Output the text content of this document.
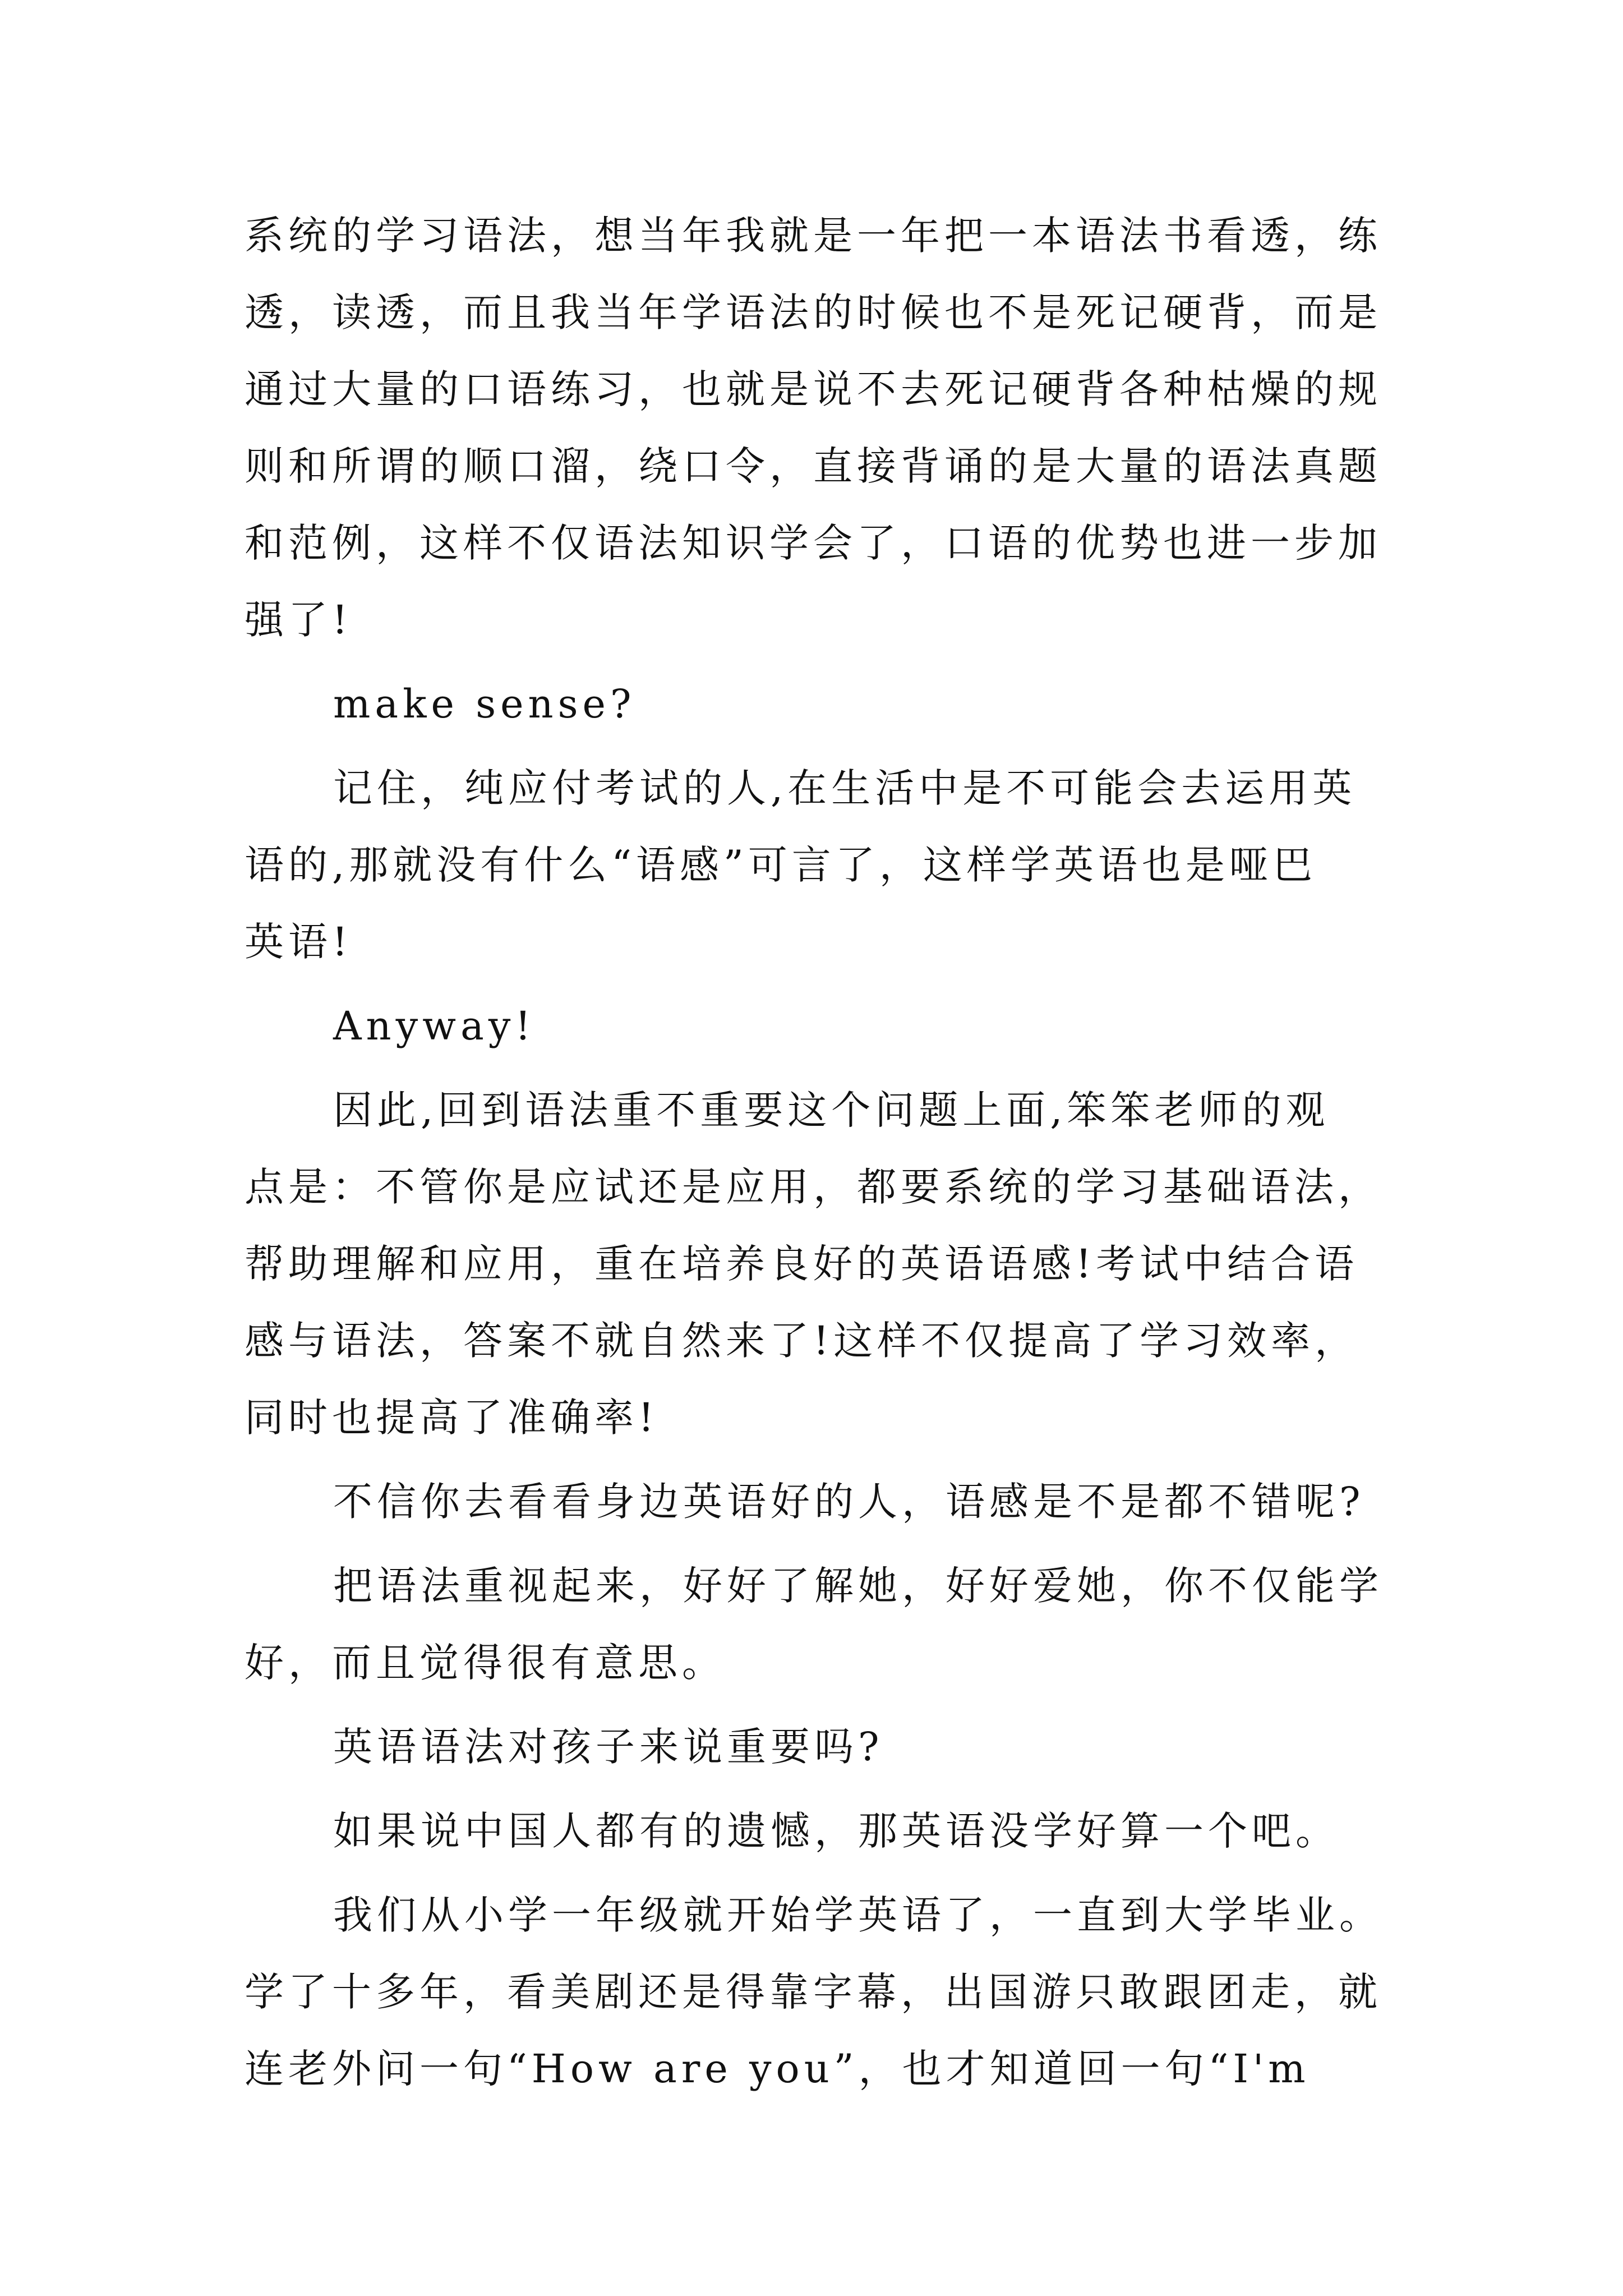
系统的学习语法，想当年我就是一年把一本语法书看透，练
透，读透，而且我当年学语法的时候也不是死记硬背，而是
通过大量的口语练习，也就是说不去死记硬背各种枯燥的规
则和所谓的顺口溜，绕口令，直接背诵的是大量的语法真题
和范例，这样不仅语法知识学会了，口语的优势也进一步加
强了!
make sense?
记住，纯应付考试的人,在生活中是不可能会去运用英
语的,那就没有什么“语感”可言了，这样学英语也是哑巴
英语!
Anyway!
因此,回到语法重不重要这个问题上面,笨笨老师的观
点是：不管你是应试还是应用，都要系统的学习基础语法，
帮助理解和应用，重在培养良好的英语语感!考试中结合语
感与语法，答案不就自然来了!这样不仅提高了学习效率，
同时也提高了准确率!
不信你去看看身边英语好的人，语感是不是都不错呢?
把语法重视起来，好好了解她，好好爱她，你不仅能学
好，而且觉得很有意思。
英语语法对孩子来说重要吗?
如果说中国人都有的遗憾，那英语没学好算一个吧。
我们从小学一年级就开始学英语了，一直到大学毕业。
学了十多年，看美剧还是得靠字幕，出国游只敢跟团走，就
连老外问一句“How are you”，也才知道回一句“I'm
